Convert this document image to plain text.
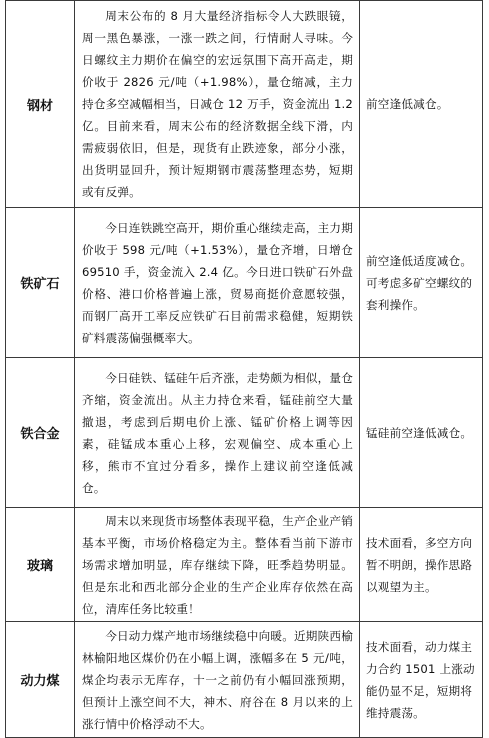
钢材	周末公布的 8 月大量经济指标令人大跌眼镜，周一黑色暴涨，一涨一跌之间，行情耐人寻味。今日螺纹主力期价在偏空的宏远氛围下高开高走，期价收于 2826 元/吨（+1.98%），量仓缩减，主力持仓多空减幅相当，日减仓 12 万手，资金流出 1.2 亿。目前来看，周末公布的经济数据全线下滑，内需疲弱依旧，但是，现货有止跌迹象，部分小涨，出货明显回升，预计短期钢市震荡整理态势，短期或有反弹。	前空逢低减仓。
铁矿石	今日连铁跳空高开，期价重心继续走高，主力期价收于 598 元/吨（+1.53%），量仓齐增，日增仓 69510 手，资金流入 2.4 亿。今日进口铁矿石外盘价格、港口价格普遍上涨，贸易商挺价意愿较强，而钢厂高开工率反应铁矿石目前需求稳健，短期铁矿料震荡偏强概率大。	前空逢低适度减仓。可考虑多矿空螺纹的套利操作。
铁合金	今日硅铁、锰硅午后齐涨，走势颇为相似，量仓齐缩，资金流出。从主力持仓来看，锰硅前空大量撤退，考虑到后期电价上涨、锰矿价格上调等因素，硅锰成本重心上移，宏观偏空、成本重心上移，熊市不宜过分看多，操作上建议前空逢低减仓。	锰硅前空逢低减仓。
玻璃	周末以来现货市场整体表现平稳，生产企业产销基本平衡，市场价格稳定为主。整体看当前下游市场需求增加明显，库存继续下降，旺季趋势明显。但是东北和西北部分企业的生产企业库存依然在高位，清库任务比较重！	技术面看，多空方向暂不明朗，操作思路以观望为主。
动力煤	今日动力煤产地市场继续稳中向暖。近期陕西榆林榆阳地区煤价仍在小幅上调，涨幅多在 5 元/吨，煤企均表示无库存，十一之前仍有小幅回涨预期，但预计上涨空间不大，神木、府谷在 8 月以来的上涨行情中价格浮动不大。	技术面看，动力煤主力合约 1501 上涨动能仍显不足，短期将维持震荡。
